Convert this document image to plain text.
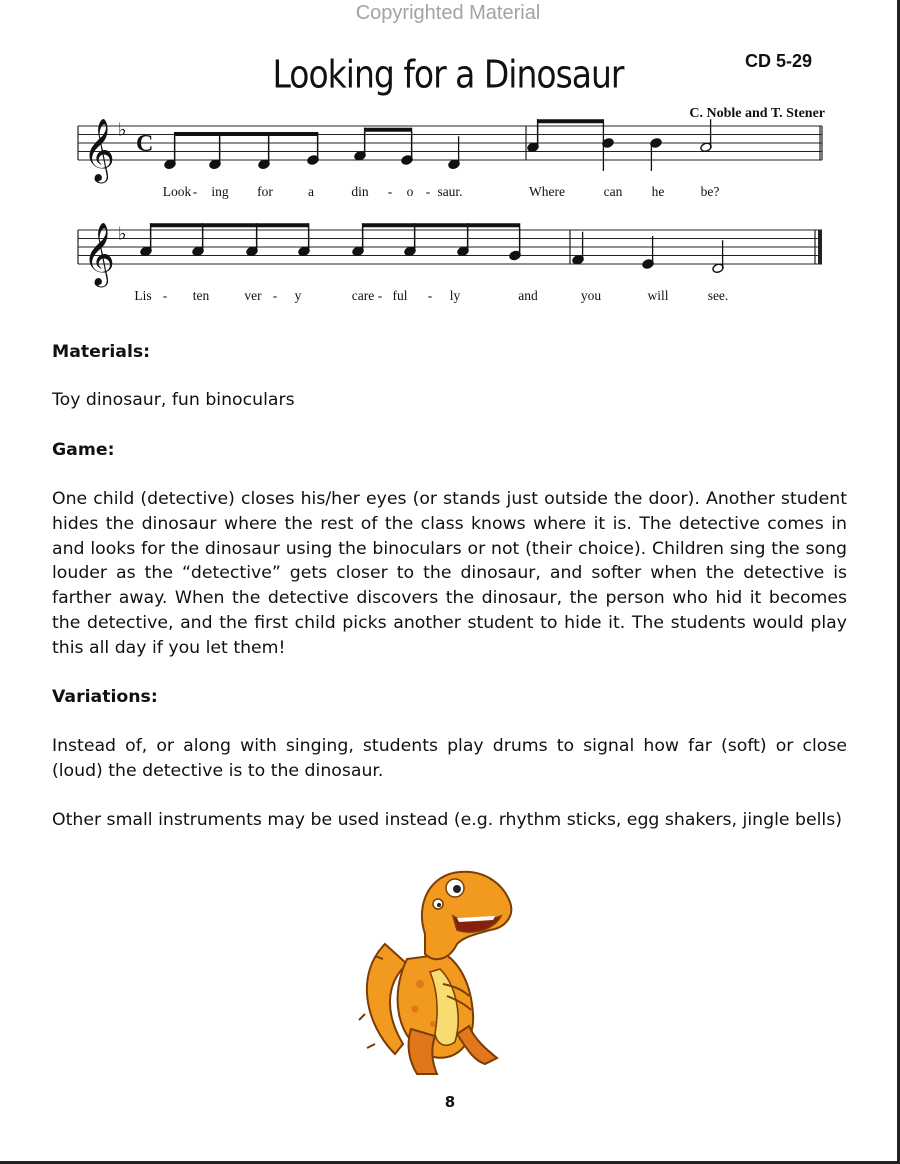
Copyrighted Material
Looking for a Dinosaur	CD 5-29
C. Noble and T. Stener
𝄞 ♭
C
Look - ing for	a	din - o - saur.	Where	can he	be?
𝄞 ♭
Lis - ten	ver - y	care - ful - ly	and	you	will	see.
Materials:
Toy dinosaur, fun binoculars
Game:
One child (detective) closes his/her eyes (or stands just outside the door). Another student hides the dinosaur where the rest of the class knows where it is. The detective comes in and looks for the dinosaur using the binoculars or not (their choice). Children sing the song louder as the “detective” gets closer to the dinosaur, and softer when the detective is farther away. When the detective discovers the dinosaur, the person who hid it becomes the detective, and the first child picks another student to hide it. The students would play this all day if you let them!
Variations:
Instead of, or along with singing, students play drums to signal how far (soft) or close (loud) the detective is to the dinosaur.
Other small instruments may be used instead (e.g. rhythm sticks, egg shakers, jingle bells)
8
